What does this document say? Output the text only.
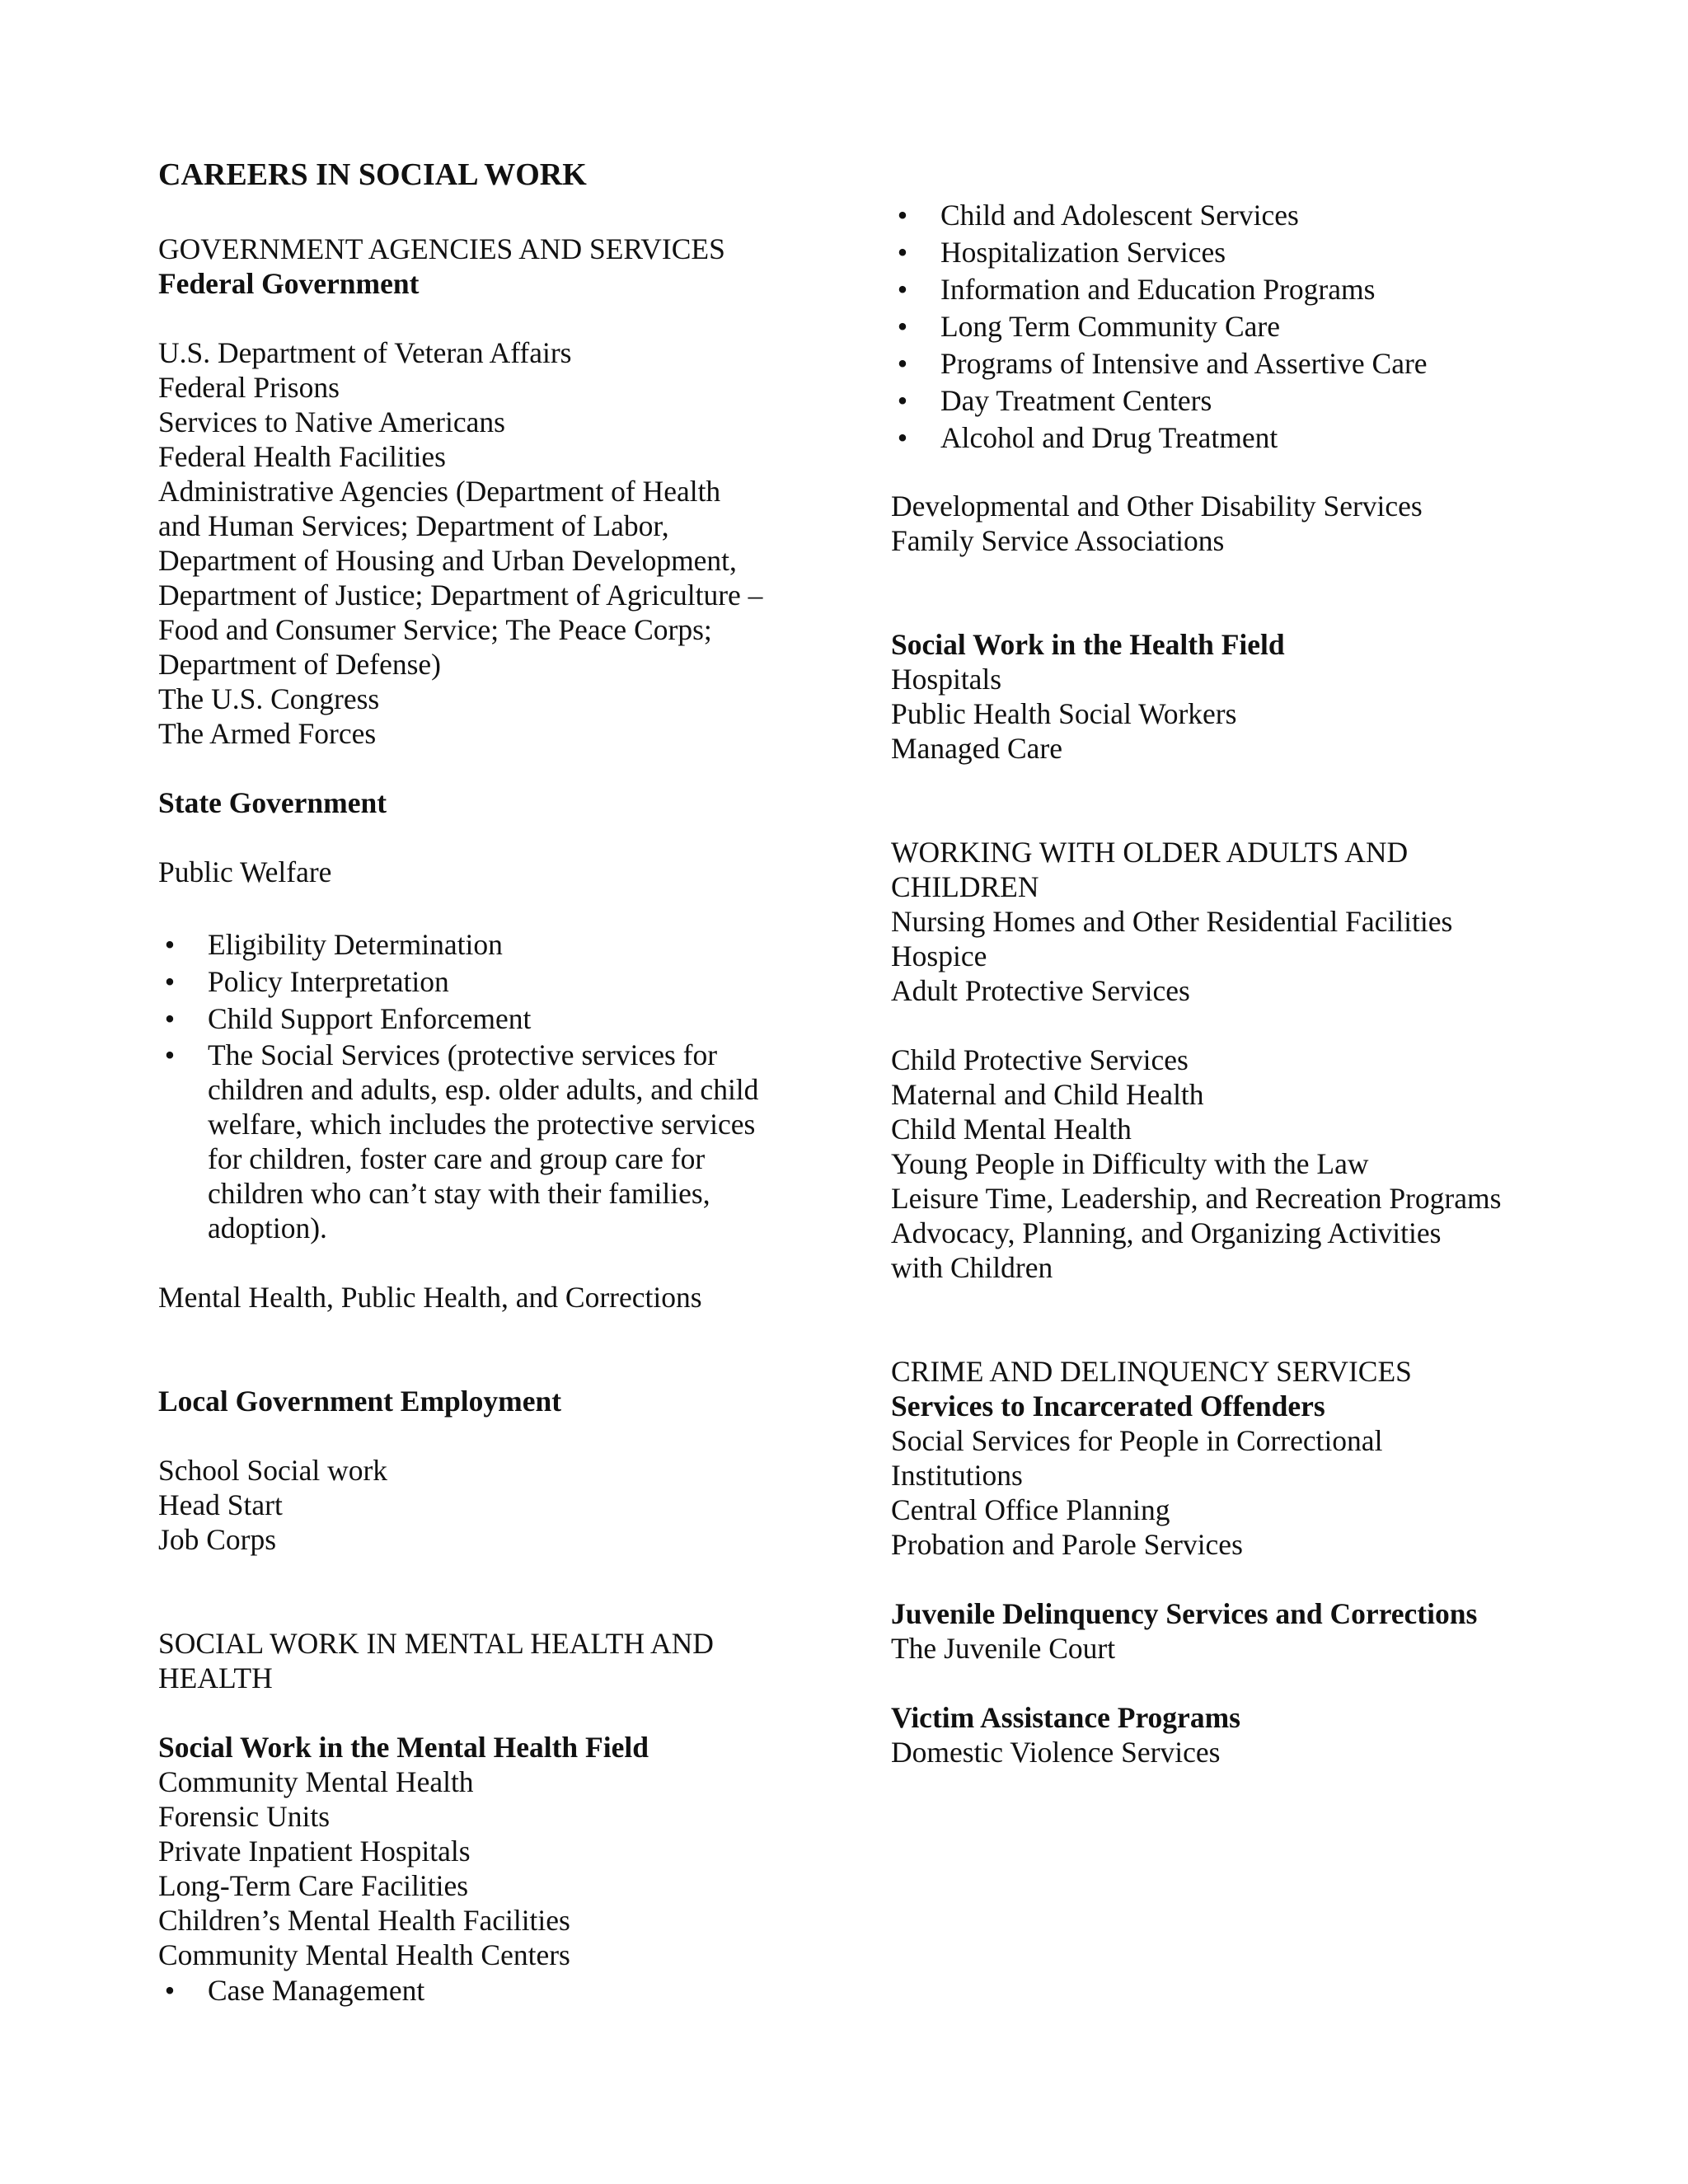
CAREERS IN SOCIAL WORK
GOVERNMENT AGENCIES AND SERVICES
Federal Government
U.S. Department of Veteran Affairs
Federal Prisons
Services to Native Americans
Federal Health Facilities
Administrative Agencies (Department of Health
and Human Services; Department of Labor,
Department of Housing and Urban Development,
Department of Justice; Department of Agriculture –
Food and Consumer Service; The Peace Corps;
Department of Defense)
The U.S. Congress
The Armed Forces
State Government
Public Welfare
• Eligibility Determination
• Policy Interpretation
• Child Support Enforcement
• The Social Services (protective services for
children and adults, esp. older adults, and child
welfare, which includes the protective services
for children, foster care and group care for
children who can’t stay with their families,
adoption).
Mental Health, Public Health, and Corrections
Local Government Employment
School Social work
Head Start
Job Corps
SOCIAL WORK IN MENTAL HEALTH AND
HEALTH
Social Work in the Mental Health Field
Community Mental Health
Forensic Units
Private Inpatient Hospitals
Long-Term Care Facilities
Children’s Mental Health Facilities
Community Mental Health Centers
• Case Management
• Child and Adolescent Services
• Hospitalization Services
• Information and Education Programs
• Long Term Community Care
• Programs of Intensive and Assertive Care
• Day Treatment Centers
• Alcohol and Drug Treatment
Developmental and Other Disability Services
Family Service Associations
Social Work in the Health Field
Hospitals
Public Health Social Workers
Managed Care
WORKING WITH OLDER ADULTS AND
CHILDREN
Nursing Homes and Other Residential Facilities
Hospice
Adult Protective Services
Child Protective Services
Maternal and Child Health
Child Mental Health
Young People in Difficulty with the Law
Leisure Time, Leadership, and Recreation Programs
Advocacy, Planning, and Organizing Activities
with Children
CRIME AND DELINQUENCY SERVICES
Services to Incarcerated Offenders
Social Services for People in Correctional
Institutions
Central Office Planning
Probation and Parole Services
Juvenile Delinquency Services and Corrections
The Juvenile Court
Victim Assistance Programs
Domestic Violence Services
